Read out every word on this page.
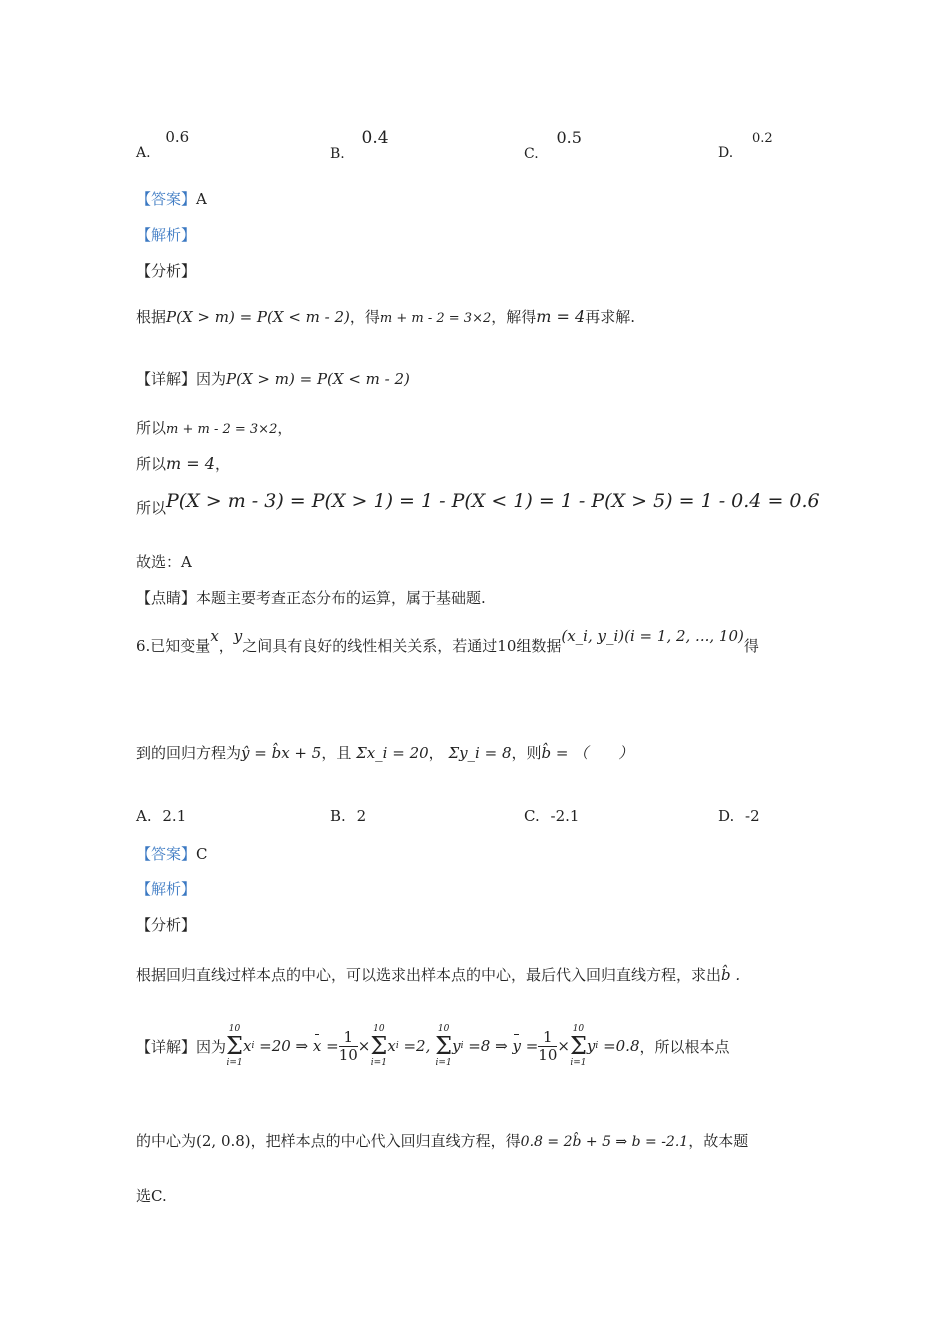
A. 0.6
B. 0.4
C. 0.5
D. 0.2
【答案】A
【解析】
【分析】
根据P(X > m) = P(X < m - 2)，得m + m - 2 = 3×2，解得m = 4再求解.
【详解】因为P(X > m) = P(X < m - 2)
所以m + m - 2 = 3×2，
所以m = 4，
所以P(X > m - 3) = P(X > 1) = 1 - P(X < 1) = 1 - P(X > 5) = 1 - 0.4 = 0.6
故选：A
【点睛】本题主要考查正态分布的运算，属于基础题.
6.已知变量x，y之间具有良好的线性相关关系，若通过10组数据(x_i, y_i)(i = 1, 2, ..., 10)得
到的回归方程为ŷ = b̂x + 5，且 Σx_i = 20， Σy_i = 8，则b̂ = （　　）
A. 2.1	B. 2	C. -2.1	D. -2
【答案】C
【解析】
【分析】
根据回归直线过样本点的中心，可以选求出样本点的中心，最后代入回归直线方程，求出b̂ .
【详解】 因为
10
Σ
i=1
x i =20 ⇒ $x = \frac{1}{10}$ ×
10
Σ
i=1
x i =2,
10
Σ
i=1
y i =8 ⇒ $y = \frac{1}{10}$ ×
10
Σ
i=1
y i =0.8 ，所以根本点
的中心为(2, 0.8)，把样本点的中心代入回归直线方程，得0.8 = 2b̂ + 5 ⇒ b = -2.1，故本题
选C.
